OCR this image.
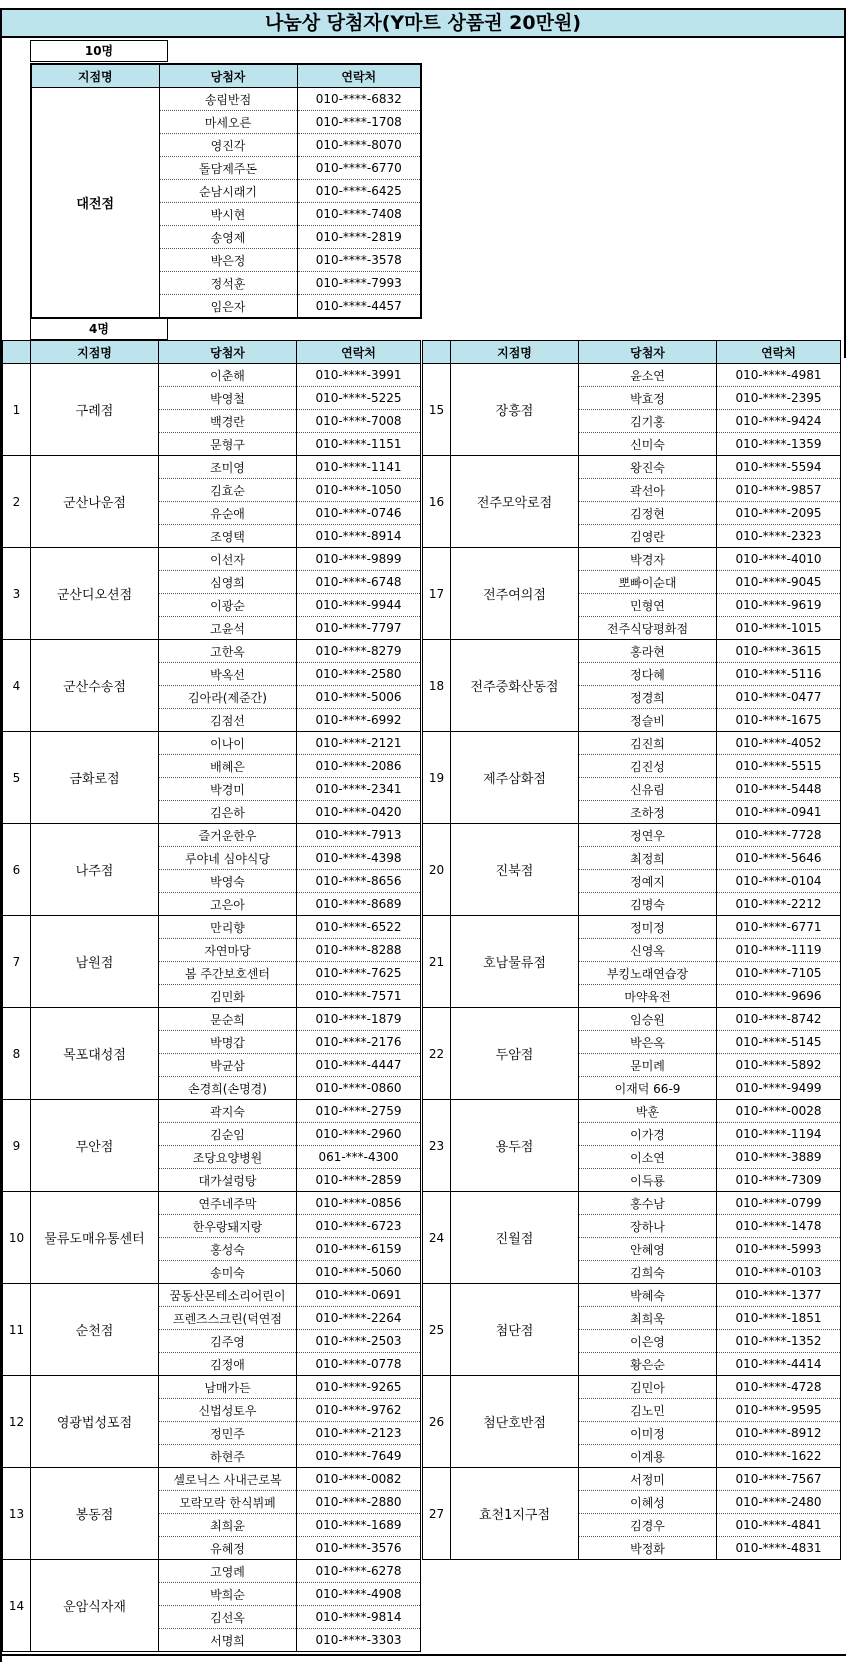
나눔상 당첨자(Y마트 상품권 20만원)
10명
지점명	당첨자	연락처
대전점	송림반점	010-****-6832
	마세오른	010-****-1708
	영진각	010-****-8070
	돌담제주돈	010-****-6770
	순남시래기	010-****-6425
	박시현	010-****-7408
	송영제	010-****-2819
	박은정	010-****-3578
	정석훈	010-****-7993
	임은자	010-****-4457
4명
	지점명	당첨자	연락처
1	구례점	이춘해	010-****-3991
		박영철	010-****-5225
		백경란	010-****-7008
		문형구	010-****-1151
2	군산나운점	조미영	010-****-1141
		김효순	010-****-1050
		유순애	010-****-0746
		조영택	010-****-8914
3	군산디오션점	이선자	010-****-9899
		심영희	010-****-6748
		이광순	010-****-9944
		고윤석	010-****-7797
4	군산수송점	고한옥	010-****-8279
		박옥선	010-****-2580
		김아라(제준간)	010-****-5006
		김점선	010-****-6992
5	금화로점	이나이	010-****-2121
		배혜은	010-****-2086
		박경미	010-****-2341
		김은하	010-****-0420
6	나주점	즐거운한우	010-****-7913
		루야네 심야식당	010-****-4398
		박영숙	010-****-8656
		고은아	010-****-8689
7	남원점	만리향	010-****-6522
		자연마당	010-****-8288
		봄 주간보호센터	010-****-7625
		김민화	010-****-7571
8	목포대성점	문순희	010-****-1879
		박명갑	010-****-2176
		박균삼	010-****-4447
		손경희(손명경)	010-****-0860
9	무안점	곽지숙	010-****-2759
		김순임	010-****-2960
		조당요양병원	061-***-4300
		대가설렁탕	010-****-2859
10	물류도매유통센터	연주네주막	010-****-0856
		한우랑돼지랑	010-****-6723
		홍성숙	010-****-6159
		송미숙	010-****-5060
11	순천점	꿈동산몬테소리어린이	010-****-0691
		프렌즈스크린(덕연점	010-****-2264
		김주영	010-****-2503
		김정애	010-****-0778
12	영광법성포점	남매가든	010-****-9265
		신법성토우	010-****-9762
		정민주	010-****-2123
		하현주	010-****-7649
13	봉동점	셀로닉스 사내근로복	010-****-0082
		모락모락 한식뷔페	010-****-2880
		최희윤	010-****-1689
		유혜정	010-****-3576
14	운암식자재	고영례	010-****-6278
		박희순	010-****-4908
		김선옥	010-****-9814
		서명희	010-****-3303
	지점명	당첨자	연락처
15	장흥점	윤소연	010-****-4981
		박효정	010-****-2395
		김기홍	010-****-9424
		신미숙	010-****-1359
16	전주모악로점	왕진숙	010-****-5594
		곽선아	010-****-9857
		김정현	010-****-2095
		김영란	010-****-2323
17	전주여의점	박경자	010-****-4010
		뽀빠이순대	010-****-9045
		민형연	010-****-9619
		전주식당평화점	010-****-1015
18	전주중화산동점	홍라현	010-****-3615
		정다혜	010-****-5116
		정경희	010-****-0477
		정슬비	010-****-1675
19	제주삼화점	김진희	010-****-4052
		김진성	010-****-5515
		신유림	010-****-5448
		조하정	010-****-0941
20	진북점	정연우	010-****-7728
		최정희	010-****-5646
		정예지	010-****-0104
		김명숙	010-****-2212
21	호남물류점	정미정	010-****-6771
		신영옥	010-****-1119
		부킹노래연습장	010-****-7105
		마약육전	010-****-9696
22	두암점	임승원	010-****-8742
		박은옥	010-****-5145
		문미례	010-****-5892
		이재덕 66-9	010-****-9499
23	용두점	박훈	010-****-0028
		이가경	010-****-1194
		이소연	010-****-3889
		이득룡	010-****-7309
24	진월점	홍수남	010-****-0799
		장하나	010-****-1478
		안혜영	010-****-5993
		김희숙	010-****-0103
25	첨단점	박혜숙	010-****-1377
		최희욱	010-****-1851
		이은영	010-****-1352
		황은순	010-****-4414
26	첨단호반점	김민아	010-****-4728
		김노민	010-****-9595
		이미정	010-****-8912
		이계용	010-****-1622
27	효천1지구점	서정미	010-****-7567
		이혜성	010-****-2480
		김경우	010-****-4841
		박정화	010-****-4831
